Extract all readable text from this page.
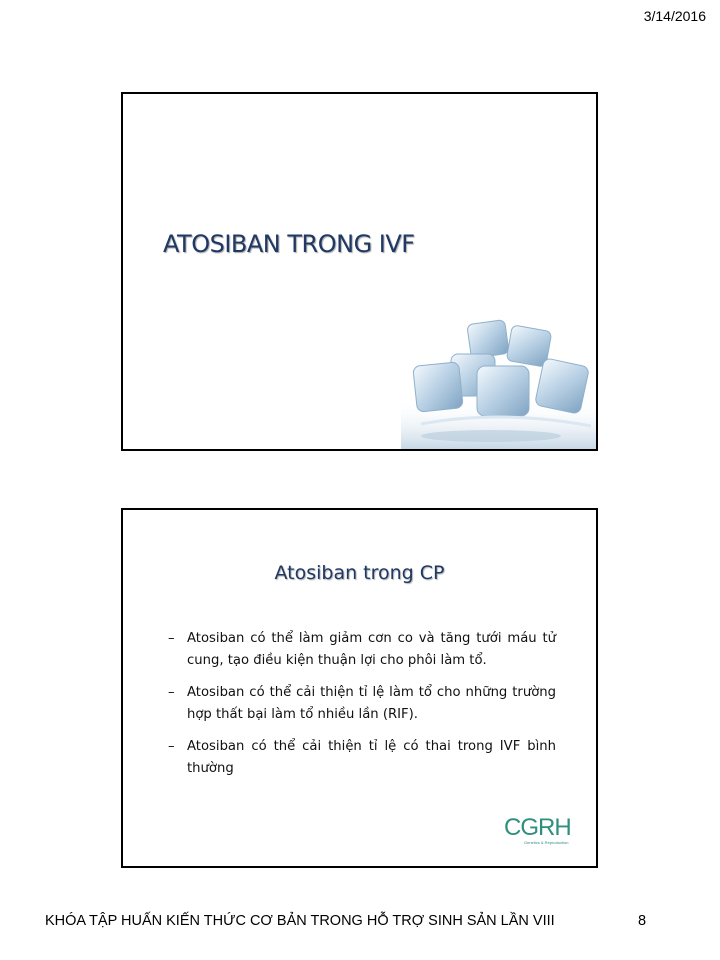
3/14/2016
ATOSIBAN TRONG IVF
Atosiban trong CP
– Atosiban có thể làm giảm cơn co và tăng tưới máu tử cung, tạo điều kiện thuận lợi cho phôi làm tổ.
– Atosiban có thể cải thiện tỉ lệ làm tổ cho những trường hợp thất bại làm tổ nhiều lần (RIF).
– Atosiban có thể cải thiện tỉ lệ có thai trong IVF bình thường
CGRH
Genetics & Reproduction
KHÓA TẬP HUẤN KIẾN THỨC CƠ BẢN TRONG HỖ TRỢ SINH SẢN LẦN VIII	8
